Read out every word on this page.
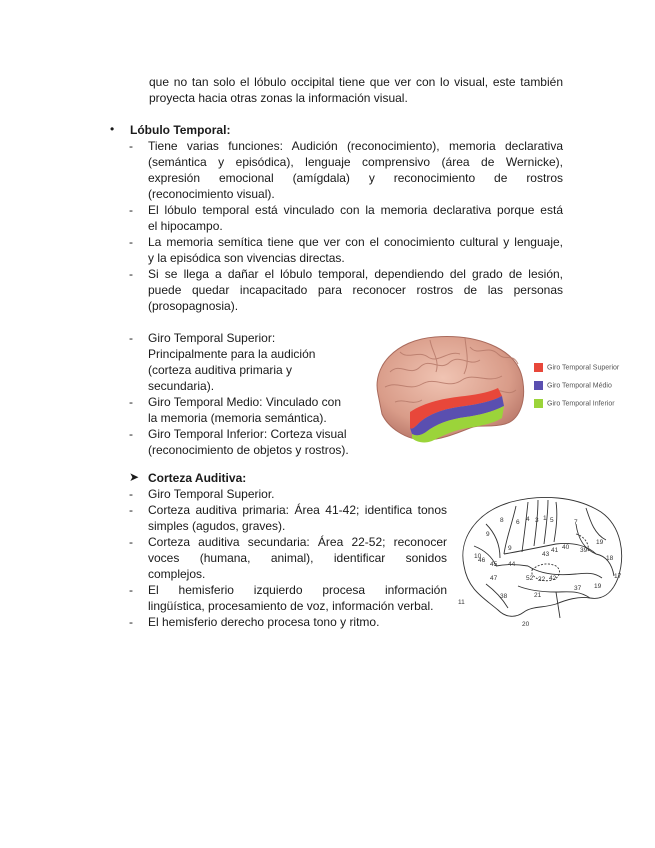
que no tan solo el lóbulo occipital tiene que ver con lo visual, este también
proyecta hacia otras zonas la información visual.
• Lóbulo Temporal:
- Tiene varias funciones: Audición (reconocimiento), memoria declarativa
(semántica y episódica), lenguaje comprensivo (área de Wernicke),
expresión emocional (amígdala) y reconocimiento de rostros
(reconocimiento visual).
- El lóbulo temporal está vinculado con la memoria declarativa porque está
el hipocampo.
- La memoria semítica tiene que ver con el conocimiento cultural y lenguaje,
y la episódica son vivencias directas.
- Si se llega a dañar el lóbulo temporal, dependiendo del grado de lesión,
puede quedar incapacitado para reconocer rostros de las personas
(prosopagnosia).
- Giro Temporal Superior:
Principalmente para la audición
(corteza auditiva primaria y
secundaria).
- Giro Temporal Medio: Vinculado con
la memoria (memoria semántica).
- Giro Temporal Inferior: Corteza visual
(reconocimiento de objetos y rostros).
Giro Temporal Superior
Giro Temporal Médio
Giro Temporal Inferior
➤ Corteza Auditiva:
- Giro Temporal Superior.
- Corteza auditiva primaria: Área 41-42; identifica tonos
simples (agudos, graves).
- Corteza auditiva secundaria: Área 22-52; reconocer
voces (humana, animal), identificar sonidos
complejos.
- El hemisferio izquierdo procesa información
lingüística, procesamiento de voz, información verbal.
- El hemisferio derecho procesa tono y ritmo.
8 6 4 3 1 5	7
9
10
46
45
9
44
43
41 40 39
19
18
17
47	52 22 42
37 19
11
38	21
20
